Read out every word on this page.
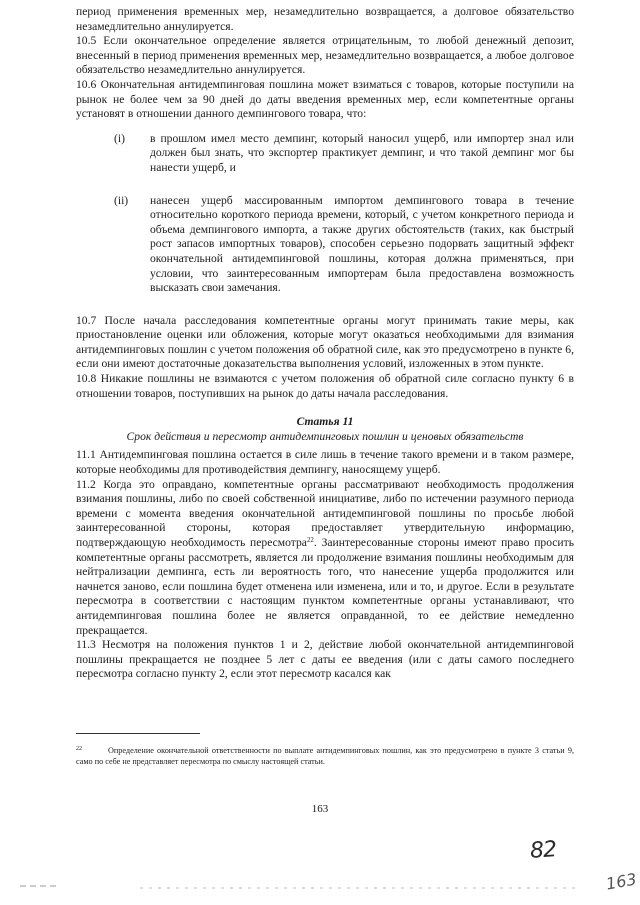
период применения временных мер, незамедлительно возвращается, а долговое обязательство незамедлительно аннулируется.

10.5 Если окончательное определение является отрицательным, то любой денежный депозит, внесенный в период применения временных мер, незамедлительно возвращается, а любое долговое обязательство незамедлительно аннулируется.

10.6 Окончательная антидемпинговая пошлина может взиматься с товаров, которые поступили на рынок не более чем за 90 дней до даты введения временных мер, если компетентные органы установят в отношении данного демпингового товара, что:

(i) в прошлом имел место демпинг, который наносил ущерб, или импортер знал или должен был знать, что экспортер практикует демпинг, и что такой демпинг мог бы нанести ущерб, и
(ii) нанесен ущерб массированным импортом демпингового товара в течение относительно короткого периода времени, который, с учетом конкретного периода и объема демпингового импорта, а также других обстоятельств (таких, как быстрый рост запасов импортных товаров), способен серьезно подорвать защитный эффект окончательной антидемпинговой пошлины, которая должна применяться, при условии, что заинтересованным импортерам была предоставлена возможность высказать свои замечания.

10.7 После начала расследования компетентные органы могут принимать такие меры, как приостановление оценки или обложения, которые могут оказаться необходимыми для взимания антидемпинговых пошлин с учетом положения об обратной силе, как это предусмотрено в пункте 6, если они имеют достаточные доказательства выполнения условий, изложенных в этом пункте.

10.8 Никакие пошлины не взимаются с учетом положения об обратной силе согласно пункту 6 в отношении товаров, поступивших на рынок до даты начала расследования.

Статья 11

Срок действия и пересмотр антидемпинговых пошлин и ценовых обязательств

11.1 Антидемпинговая пошлина остается в силе лишь в течение такого времени и в таком размере, которые необходимы для противодействия демпингу, наносящему ущерб.

11.2 Когда это оправдано, компетентные органы рассматривают необходимость продолжения взимания пошлины, либо по своей собственной инициативе, либо по истечении разумного периода времени с момента введения окончательной антидемпинговой пошлины по просьбе любой заинтересованной стороны, которая предоставляет утвердительную информацию, подтверждающую необходимость пересмотра$^{22}$. Заинтересованные стороны имеют право просить компетентные органы рассмотреть, является ли продолжение взимания пошлины необходимым для нейтрализации демпинга, есть ли вероятность того, что нанесение ущерба продолжится или начнется заново, если пошлина будет отменена или изменена, или и то, и другое. Если в результате пересмотра в соответствии с настоящим пунктом компетентные органы устанавливают, что антидемпинговая пошлина более не является оправданной, то ее действие немедленно прекращается.

11.3 Несмотря на положения пунктов 1 и 2, действие любой окончательной антидемпинговой пошлины прекращается не позднее 5 лет с даты ее введения (или с даты самого последнего пересмотра согласно пункту 2, если этот пересмотр касался как

$^{22}$	Определение окончательной ответственности по выплате антидемпинговых пошлин, как это предусмотрено в пункте 3 статьи 9, само по себе не представляет пересмотра по смыслу настоящей статьи.
163
82
163
